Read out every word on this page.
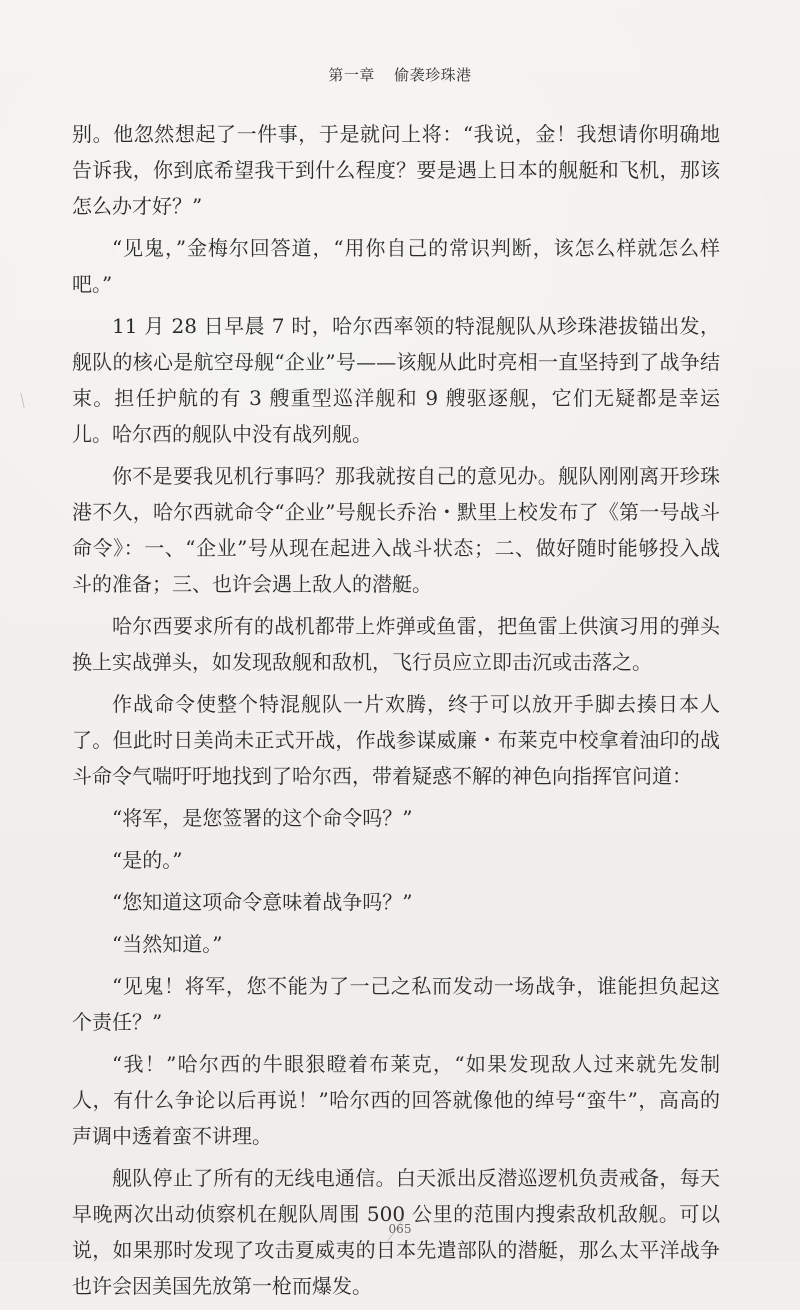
第一章 偷袭珍珠港

别。他忽然想起了一件事，于是就问上将：“我说，金！我想请你明确地告诉我，你到底希望我干到什么程度？要是遇上日本的舰艇和飞机，那该怎么办才好？”

“见鬼，”金梅尔回答道，“用你自己的常识判断，该怎么样就怎么样吧。”

11 月 28 日早晨 7 时，哈尔西率领的特混舰队从珍珠港拔锚出发，舰队的核心是航空母舰“企业”号——该舰从此时亮相一直坚持到了战争结束。担任护航的有 3 艘重型巡洋舰和 9 艘驱逐舰，它们无疑都是幸运儿。哈尔西的舰队中没有战列舰。

你不是要我见机行事吗？那我就按自己的意见办。舰队刚刚离开珍珠港不久，哈尔西就命令“企业”号舰长乔治・默里上校发布了《第一号战斗命令》：一、“企业”号从现在起进入战斗状态；二、做好随时能够投入战斗的准备；三、也许会遇上敌人的潜艇。

哈尔西要求所有的战机都带上炸弹或鱼雷，把鱼雷上供演习用的弹头换上实战弹头，如发现敌舰和敌机，飞行员应立即击沉或击落之。

作战命令使整个特混舰队一片欢腾，终于可以放开手脚去揍日本人了。但此时日美尚未正式开战，作战参谋威廉・布莱克中校拿着油印的战斗命令气喘吁吁地找到了哈尔西，带着疑惑不解的神色向指挥官问道：

“将军，是您签署的这个命令吗？”

“是的。”

“您知道这项命令意味着战争吗？”

“当然知道。”

“见鬼！将军，您不能为了一己之私而发动一场战争，谁能担负起这个责任？”

“我！”哈尔西的牛眼狠瞪着布莱克，“如果发现敌人过来就先发制人，有什么争论以后再说！”哈尔西的回答就像他的绰号“蛮牛”，高高的声调中透着蛮不讲理。

舰队停止了所有的无线电通信。白天派出反潜巡逻机负责戒备，每天早晚两次出动侦察机在舰队周围 500 公里的范围内搜索敌机敌舰。可以说，如果那时发现了攻击夏威夷的日本先遣部队的潜艇，那么太平洋战争也许会因美国先放第一枪而爆发。

065
